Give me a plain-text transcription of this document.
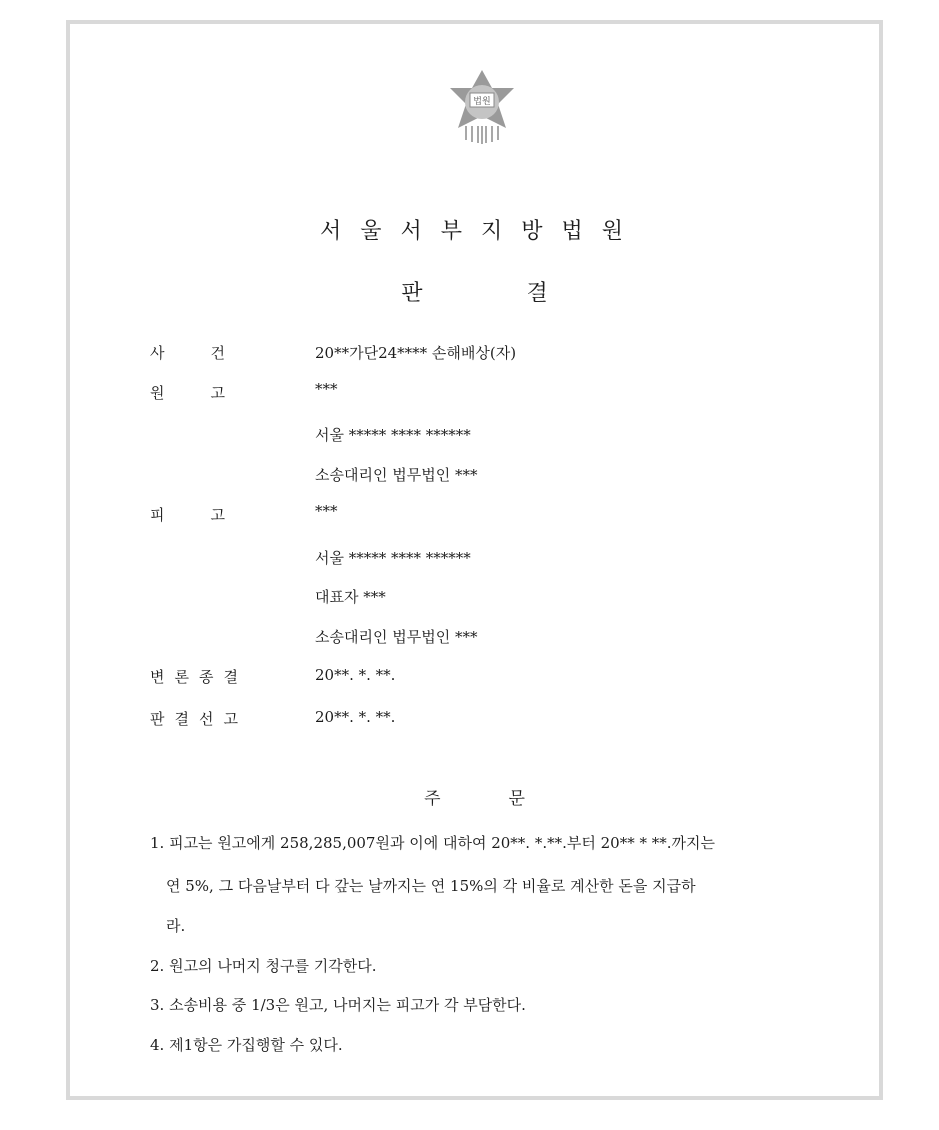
법원
서 울 서 부 지 방 법 원
판	결
사 건	20**가단24**** 손해배상(자)
원 고	***
서울 ***** **** ******
소송대리인 법무법인 ***
피 고	***
서울 ***** **** ******
대표자 ***
소송대리인 법무법인 ***
변 론 종 결	20**. *. **.
판 결 선 고	20**. *. **.
주	문
1. 피고는 원고에게 258,285,007원과 이에 대하여 20**. *.**.부터 20** * **.까지는
연 5%, 그 다음날부터 다 갚는 날까지는 연 15%의 각 비율로 계산한 돈을 지급하
라.
2. 원고의 나머지 청구를 기각한다.
3. 소송비용 중 1/3은 원고, 나머지는 피고가 각 부담한다.
4. 제1항은 가집행할 수 있다.
